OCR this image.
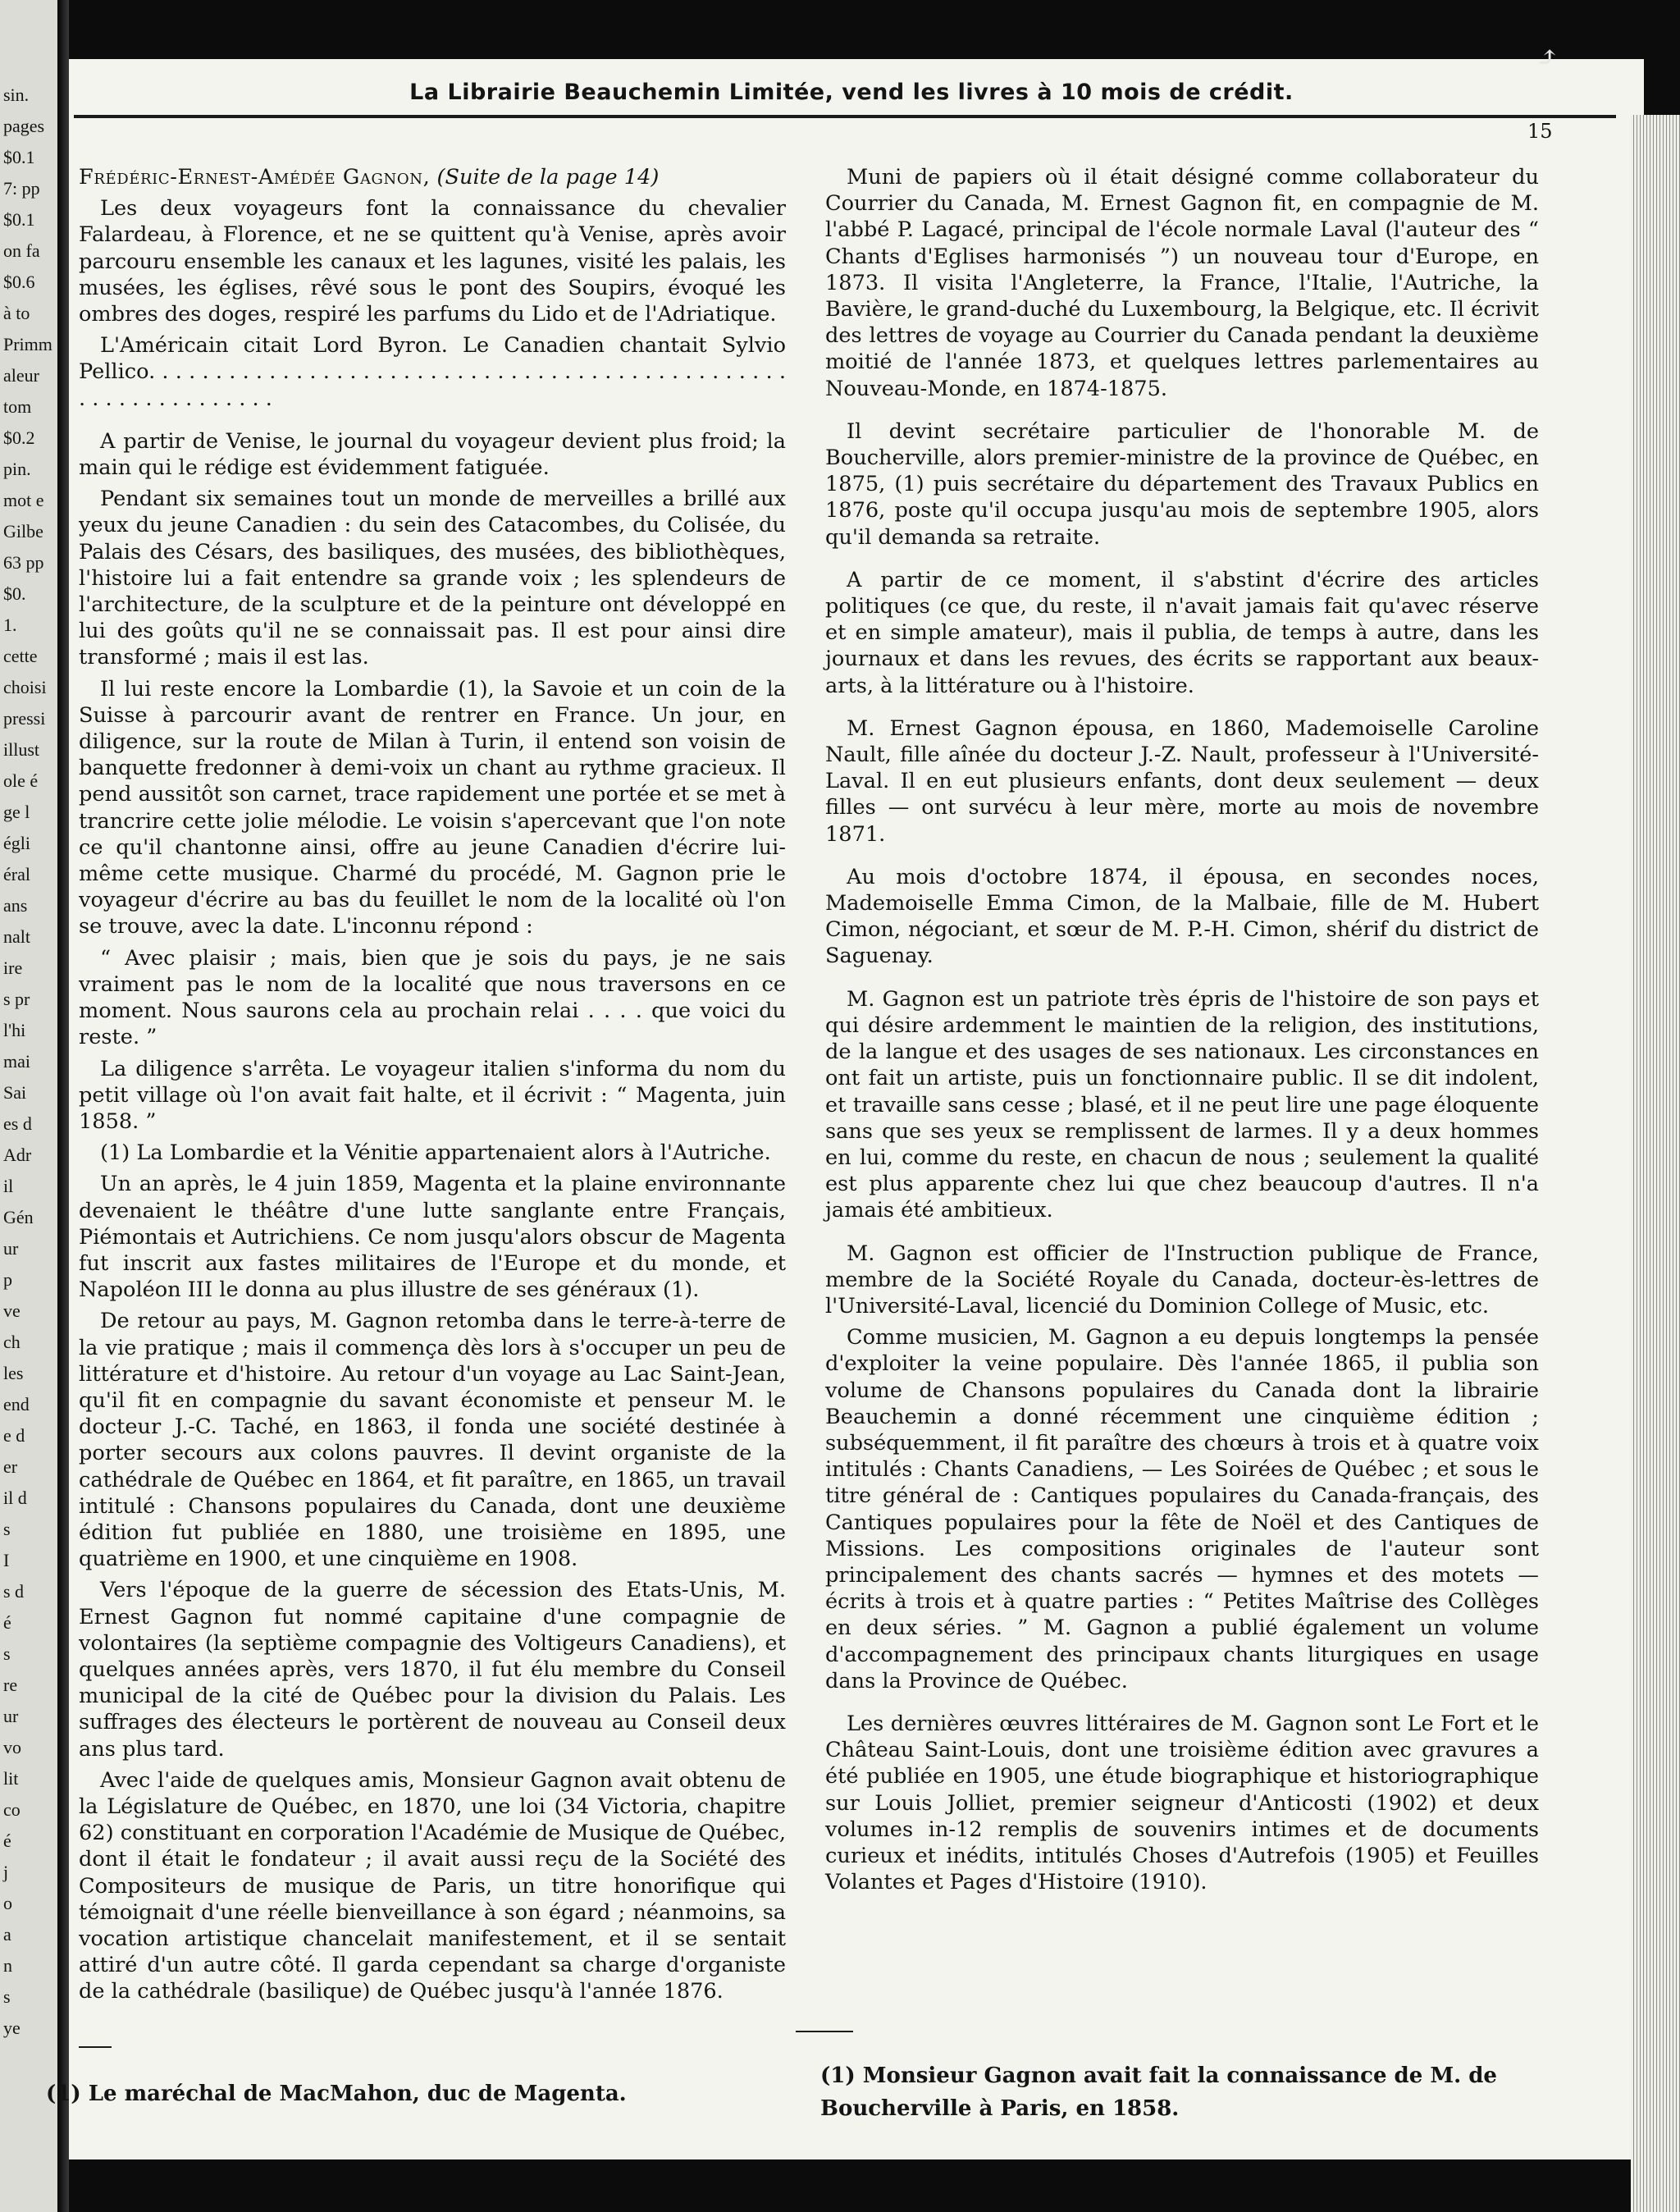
sin.
pages
$0.1
7: pp
$0.1
on fa
$0.6
à to
Primm
aleur
tom
$0.2
pin.
mot e
Gilbe
63 pp
$0.
1.
cette
choisi
pressi
illust
ole é
ge l
égli
éral
ans
nalt
ire
s pr
l'hi
mai
Sai
es d
Adr
il
Gén
ur
p
ve
ch
les
end
e d
er
il d
s
I
s d
é
s
re
ur
vo
lit
co
é
j
o
a
n
s
ye
⤴
La Librairie Beauchemin Limitée, vend les livres à 10 mois de crédit.
15

Frédéric-Ernest-Amédée Gagnon, (Suite de la page 14)

Les deux voyageurs font la connaissance du chevalier Falardeau, à Florence, et ne se quittent qu'à Venise, après avoir parcouru ensemble les canaux et les lagunes, visité les palais, les musées, les églises, rêvé sous le pont des Soupirs, évoqué les ombres des doges, respiré les parfums du Lido et de l'Adriatique.

L'Américain citait Lord Byron. Le Canadien chantait Sylvio Pellico. . . . . . . . . . . . . . . . . . . . . . . . . . . . . . . . . . . . . . . . . . . . . . . . . . . . . . . . . . . . . . .

A partir de Venise, le journal du voyageur devient plus froid; la main qui le rédige est évidemment fatiguée.

Pendant six semaines tout un monde de merveilles a brillé aux yeux du jeune Canadien : du sein des Catacombes, du Colisée, du Palais des Césars, des basiliques, des musées, des bibliothèques, l'histoire lui a fait entendre sa grande voix ; les splendeurs de l'architecture, de la sculpture et de la peinture ont développé en lui des goûts qu'il ne se connaissait pas. Il est pour ainsi dire transformé ; mais il est las.

Il lui reste encore la Lombardie (1), la Savoie et un coin de la Suisse à parcourir avant de rentrer en France. Un jour, en diligence, sur la route de Milan à Turin, il entend son voisin de banquette fredonner à demi-voix un chant au rythme gracieux. Il pend aussitôt son carnet, trace rapidement une portée et se met à trancrire cette jolie mélodie. Le voisin s'apercevant que l'on note ce qu'il chantonne ainsi, offre au jeune Canadien d'écrire lui-même cette musique. Charmé du procédé, M. Gagnon prie le voyageur d'écrire au bas du feuillet le nom de la localité où l'on se trouve, avec la date. L'inconnu répond :

“ Avec plaisir ; mais, bien que je sois du pays, je ne sais vraiment pas le nom de la localité que nous traversons en ce moment. Nous saurons cela au prochain relai . . . . que voici du reste. ”

La diligence s'arrêta. Le voyageur italien s'informa du nom du petit village où l'on avait fait halte, et il écrivit : “ Magenta, juin 1858. ”

(1) La Lombardie et la Vénitie appartenaient alors à l'Autriche.

Un an après, le 4 juin 1859, Magenta et la plaine environnante devenaient le théâtre d'une lutte sanglante entre Français, Piémontais et Autrichiens. Ce nom jusqu'alors obscur de Magenta fut inscrit aux fastes militaires de l'Europe et du monde, et Napoléon III le donna au plus illustre de ses généraux (1).

De retour au pays, M. Gagnon retomba dans le terre-à-terre de la vie pratique ; mais il commença dès lors à s'occuper un peu de littérature et d'histoire. Au retour d'un voyage au Lac Saint-Jean, qu'il fit en compagnie du savant économiste et penseur M. le docteur J.-C. Taché, en 1863, il fonda une société destinée à porter secours aux colons pauvres. Il devint organiste de la cathédrale de Québec en 1864, et fit paraître, en 1865, un travail intitulé : Chansons populaires du Canada, dont une deuxième édition fut publiée en 1880, une troisième en 1895, une quatrième en 1900, et une cinquième en 1908.

Vers l'époque de la guerre de sécession des Etats-Unis, M. Ernest Gagnon fut nommé capitaine d'une compagnie de volontaires (la septième compagnie des Voltigeurs Canadiens), et quelques années après, vers 1870, il fut élu membre du Conseil municipal de la cité de Québec pour la division du Palais. Les suffrages des électeurs le portèrent de nouveau au Conseil deux ans plus tard.

Avec l'aide de quelques amis, Monsieur Gagnon avait obtenu de la Législature de Québec, en 1870, une loi (34 Victoria, chapitre 62) constituant en corporation l'Académie de Musique de Québec, dont il était le fondateur ; il avait aussi reçu de la Société des Compositeurs de musique de Paris, un titre honorifique qui témoignait d'une réelle bienveillance à son égard ; néanmoins, sa vocation artistique chancelait manifestement, et il se sentait attiré d'un autre côté. Il garda cependant sa charge d'organiste de la cathédrale (basilique) de Québec jusqu'à l'année 1876.

Muni de papiers où il était désigné comme collaborateur du Courrier du Canada, M. Ernest Gagnon fit, en compagnie de M. l'abbé P. Lagacé, principal de l'école normale Laval (l'auteur des “ Chants d'Eglises harmonisés ”) un nouveau tour d'Europe, en 1873. Il visita l'Angleterre, la France, l'Italie, l'Autriche, la Bavière, le grand-duché du Luxembourg, la Belgique, etc. Il écrivit des lettres de voyage au Courrier du Canada pendant la deuxième moitié de l'année 1873, et quelques lettres parlementaires au Nouveau-Monde, en 1874-1875.

Il devint secrétaire particulier de l'honorable M. de Boucherville, alors premier-ministre de la province de Québec, en 1875, (1) puis secrétaire du département des Travaux Publics en 1876, poste qu'il occupa jusqu'au mois de septembre 1905, alors qu'il demanda sa retraite.

A partir de ce moment, il s'abstint d'écrire des articles politiques (ce que, du reste, il n'avait jamais fait qu'avec réserve et en simple amateur), mais il publia, de temps à autre, dans les journaux et dans les revues, des écrits se rapportant aux beaux-arts, à la littérature ou à l'histoire.

M. Ernest Gagnon épousa, en 1860, Mademoiselle Caroline Nault, fille aînée du docteur J.-Z. Nault, professeur à l'Université-Laval. Il en eut plusieurs enfants, dont deux seulement — deux filles — ont survécu à leur mère, morte au mois de novembre 1871.

Au mois d'octobre 1874, il épousa, en secondes noces, Mademoiselle Emma Cimon, de la Malbaie, fille de M. Hubert Cimon, négociant, et sœur de M. P.-H. Cimon, shérif du district de Saguenay.

M. Gagnon est un patriote très épris de l'histoire de son pays et qui désire ardemment le maintien de la religion, des institutions, de la langue et des usages de ses nationaux. Les circonstances en ont fait un artiste, puis un fonctionnaire public. Il se dit indolent, et travaille sans cesse ; blasé, et il ne peut lire une page éloquente sans que ses yeux se remplissent de larmes. Il y a deux hommes en lui, comme du reste, en chacun de nous ; seulement la qualité est plus apparente chez lui que chez beaucoup d'autres. Il n'a jamais été ambitieux.

M. Gagnon est officier de l'Instruction publique de France, membre de la Société Royale du Canada, docteur-ès-lettres de l'Université-Laval, licencié du Dominion College of Music, etc.

Comme musicien, M. Gagnon a eu depuis longtemps la pensée d'exploiter la veine populaire. Dès l'année 1865, il publia son volume de Chansons populaires du Canada dont la librairie Beauchemin a donné récemment une cinquième édition ; subséquemment, il fit paraître des chœurs à trois et à quatre voix intitulés : Chants Canadiens, — Les Soirées de Québec ; et sous le titre général de : Cantiques populaires du Canada-français, des Cantiques populaires pour la fête de Noël et des Cantiques de Missions. Les compositions originales de l'auteur sont principalement des chants sacrés — hymnes et des motets — écrits à trois et à quatre parties : “ Petites Maîtrise des Collèges en deux séries. ” M. Gagnon a publié également un volume d'accompagnement des principaux chants liturgiques en usage dans la Province de Québec.

Les dernières œuvres littéraires de M. Gagnon sont Le Fort et le Château Saint-Louis, dont une troisième édition avec gravures a été publiée en 1905, une étude biographique et historiographique sur Louis Jolliet, premier seigneur d'Anticosti (1902) et deux volumes in-12 remplis de souvenirs intimes et de documents curieux et inédits, intitulés Choses d'Autrefois (1905) et Feuilles Volantes et Pages d'Histoire (1910).

(1) Le maréchal de MacMahon, duc de Magenta.
(1) Monsieur Gagnon avait fait la connaissance de M. de Boucherville à Paris, en 1858.
